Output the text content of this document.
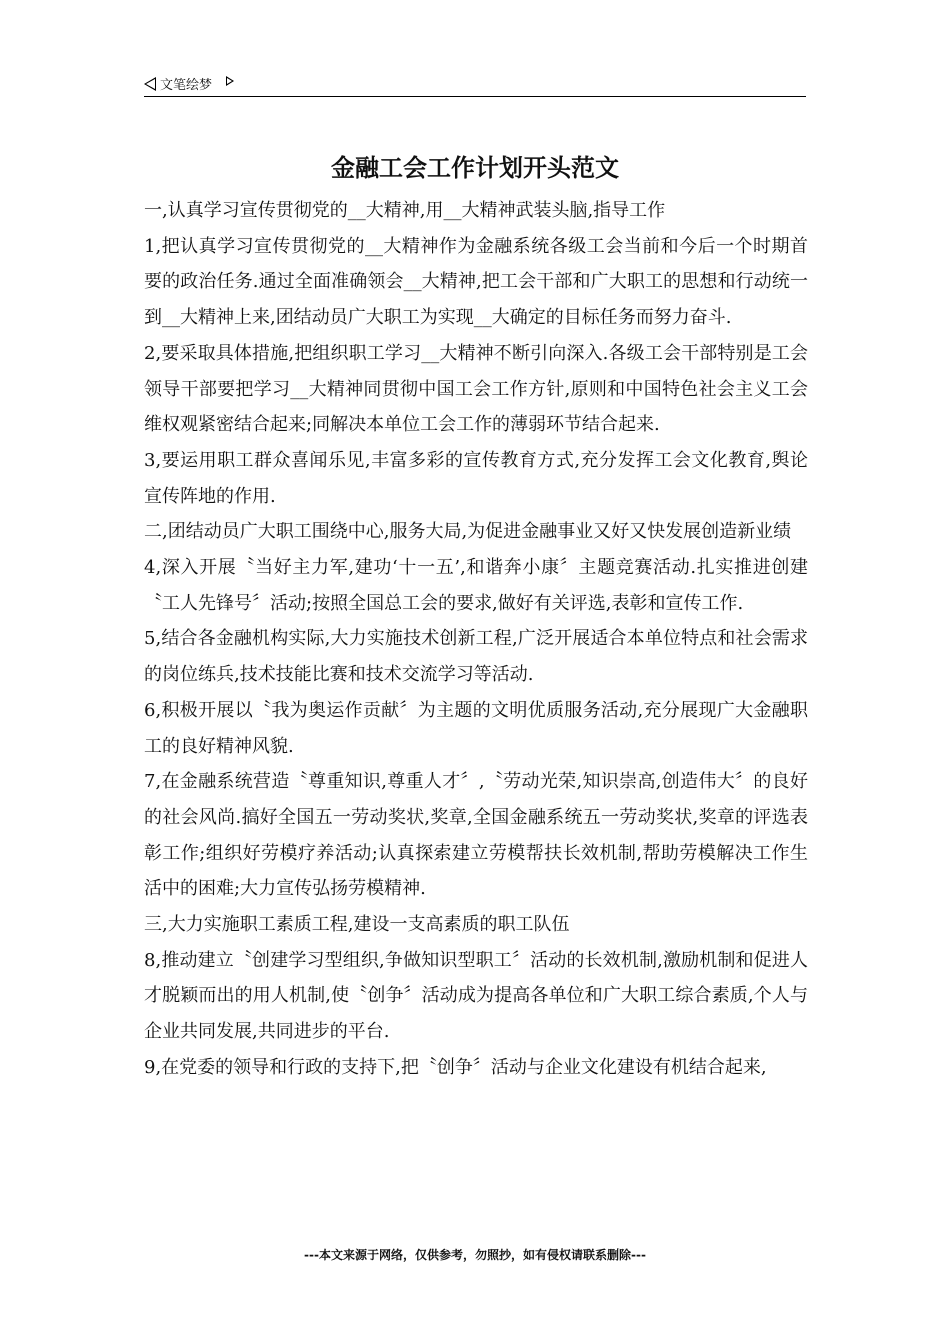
文笔绘梦
金融工会工作计划开头范文

一,认真学习宣传贯彻党的__大精神,用__大精神武装头脑,指导工作

1,把认真学习宣传贯彻党的__大精神作为金融系统各级工会当前和今后一个时期首要的政治任务.通过全面准确领会__大精神,把工会干部和广大职工的思想和行动统一到__大精神上来,团结动员广大职工为实现__大确定的目标任务而努力奋斗.

2,要采取具体措施,把组织职工学习__大精神不断引向深入.各级工会干部特别是工会领导干部要把学习__大精神同贯彻中国工会工作方针,原则和中国特色社会主义工会维权观紧密结合起来;同解决本单位工会工作的薄弱环节结合起来.

3,要运用职工群众喜闻乐见,丰富多彩的宣传教育方式,充分发挥工会文化教育,舆论宣传阵地的作用.

二,团结动员广大职工围绕中心,服务大局,为促进金融事业又好又快发展创造新业绩

4,深入开展〝当好主力军,建功‘十一五’,和谐奔小康〞主题竞赛活动.扎实推进创建〝工人先锋号〞活动;按照全国总工会的要求,做好有关评选,表彰和宣传工作.

5,结合各金融机构实际,大力实施技术创新工程,广泛开展适合本单位特点和社会需求的岗位练兵,技术技能比赛和技术交流学习等活动.

6,积极开展以〝我为奥运作贡献〞为主题的文明优质服务活动,充分展现广大金融职工的良好精神风貌.

7,在金融系统营造〝尊重知识,尊重人才〞,〝劳动光荣,知识崇高,创造伟大〞的良好的社会风尚.搞好全国五一劳动奖状,奖章,全国金融系统五一劳动奖状,奖章的评选表彰工作;组织好劳模疗养活动;认真探索建立劳模帮扶长效机制,帮助劳模解决工作生活中的困难;大力宣传弘扬劳模精神.

三,大力实施职工素质工程,建设一支高素质的职工队伍

8,推动建立〝创建学习型组织,争做知识型职工〞活动的长效机制,激励机制和促进人才脱颖而出的用人机制,使〝创争〞活动成为提高各单位和广大职工综合素质,个人与企业共同发展,共同进步的平台.

9,在党委的领导和行政的支持下,把〝创争〞活动与企业文化建设有机结合起来,

---本文来源于网络，仅供参考，勿照抄，如有侵权请联系删除---
